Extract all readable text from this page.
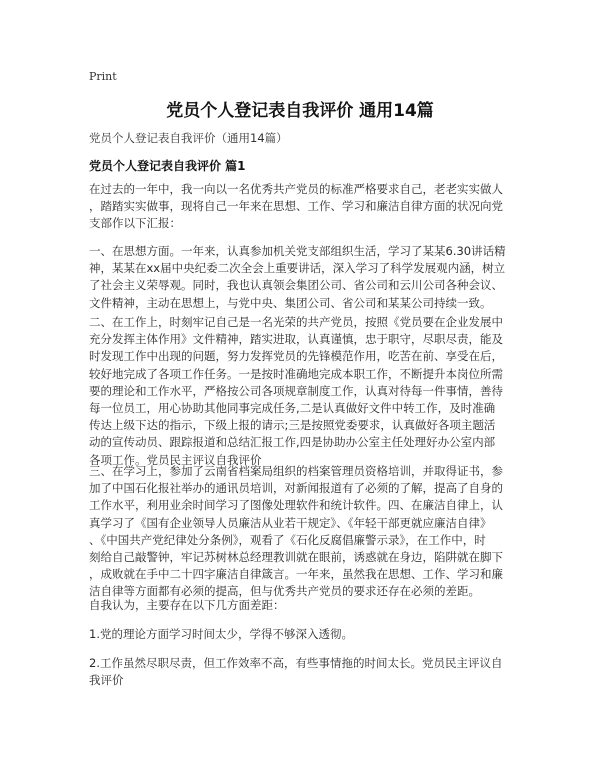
Print
党员个人登记表自我评价 通用14篇
党员个人登记表自我评价（通用14篇）
党员个人登记表自我评价 篇1
在过去的一年中，我一向以一名优秀共产党员的标准严格要求自己，老老实实做人
，踏踏实实做事，现将自己一年来在思想、工作、学习和廉洁自律方面的状况向党
支部作以下汇报：
一、在思想方面。一年来，认真参加机关党支部组织生活，学习了某某6.30讲话精
神，某某在xx届中央纪委二次全会上重要讲话，深入学习了科学发展观内涵，树立
了社会主义荣辱观。同时，我也认真领会集团公司、省公司和云川公司各种会议、
文件精神，主动在思想上，与党中央、集团公司、省公司和某某公司持续一致。
二、在工作上，时刻牢记自己是一名光荣的共产党员，按照《党员要在企业发展中
充分发挥主体作用》文件精神，踏实进取，认真谨慎，忠于职守，尽职尽责，能及
时发现工作中出现的问题，努力发挥党员的先锋模范作用，吃苦在前、享受在后，
较好地完成了各项工作任务。一是按时准确地完成本职工作，不断提升本岗位所需
要的理论和工作水平，严格按公司各项规章制度工作，认真对待每一件事情，善待
每一位员工，用心协助其他同事完成任务,二是认真做好文件中转工作，及时准确
传达上级下达的指示，下级上报的请示;三是按照党委要求，认真做好各项主题活
动的宣传动员、跟踪报道和总结汇报工作,四是协助办公室主任处理好办公室内部
各项工作。党员民主评议自我评价
三、在学习上，参加了云南省档案局组织的档案管理员资格培训，并取得证书，参
加了中国石化报社举办的通讯员培训，对新闻报道有了必须的了解，提高了自身的
工作水平，利用业余时间学习了图像处理软件和统计软件。四、在廉洁自律上，认
真学习了《国有企业领导人员廉洁从业若干规定》、《年轻干部更就应廉洁自律》
、《中国共产党纪律处分条例》，观看了《石化反腐倡廉警示录》，在工作中，时
刻给自己敲警钟，牢记苏树林总经理教训就在眼前，诱惑就在身边，陷阱就在脚下
，成败就在手中二十四字廉洁自律箴言。一年来，虽然我在思想、工作、学习和廉
洁自律等方面都有必须的提高，但与优秀共产党员的要求还存在必须的差距。
自我认为，主要存在以下几方面差距：
1.党的理论方面学习时间太少，学得不够深入透彻。
2.工作虽然尽职尽责，但工作效率不高，有些事情拖的时间太长。党员民主评议自
我评价
